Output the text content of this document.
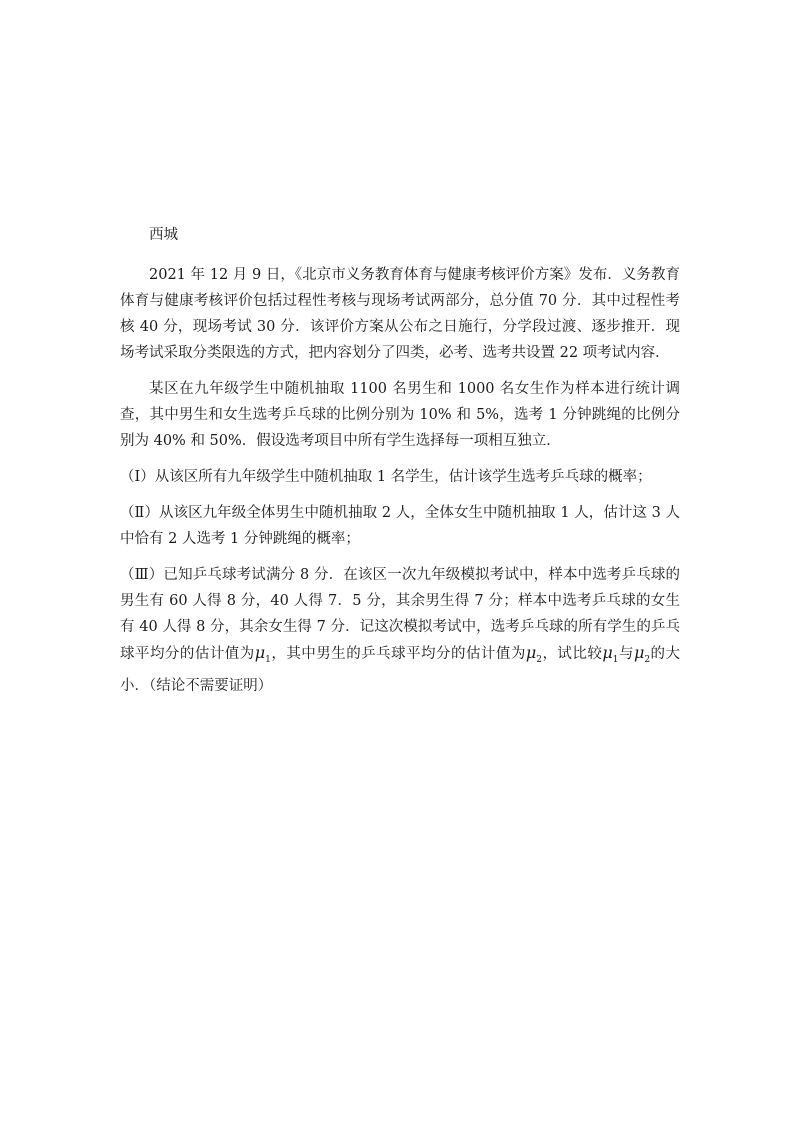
西城

2021 年 12 月 9 日，《北京市义务教育体育与健康考核评价方案》发布．义务教育体育与健康考核评价包括过程性考核与现场考试两部分，总分值 70 分．其中过程性考核 40 分，现场考试 30 分．该评价方案从公布之日施行，分学段过渡、逐步推开．现场考试采取分类限选的方式，把内容划分了四类，必考、选考共设置 22 项考试内容．

某区在九年级学生中随机抽取 1100 名男生和 1000 名女生作为样本进行统计调查，其中男生和女生选考乒乓球的比例分别为 10% 和 5%，选考 1 分钟跳绳的比例分别为 40% 和 50%．假设选考项目中所有学生选择每一项相互独立．

（Ⅰ）从该区所有九年级学生中随机抽取 1 名学生，估计该学生选考乒乓球的概率；

（Ⅱ）从该区九年级全体男生中随机抽取 2 人，全体女生中随机抽取 1 人，估计这 3 人中恰有 2 人选考 1 分钟跳绳的概率；

（Ⅲ）已知乒乓球考试满分 8 分．在该区一次九年级模拟考试中，样本中选考乒乓球的男生有 60 人得 8 分，40 人得 7．5 分，其余男生得 7 分；样本中选考乒乓球的女生有 40 人得 8 分，其余女生得 7 分．记这次模拟考试中，选考乒乓球的所有学生的乒乓球平均分的估计值为$\mu_1$，其中男生的乒乓球平均分的估计值为$\mu_2$，试比较$\mu_1$与$\mu_2$的大小．（结论不需要证明）
